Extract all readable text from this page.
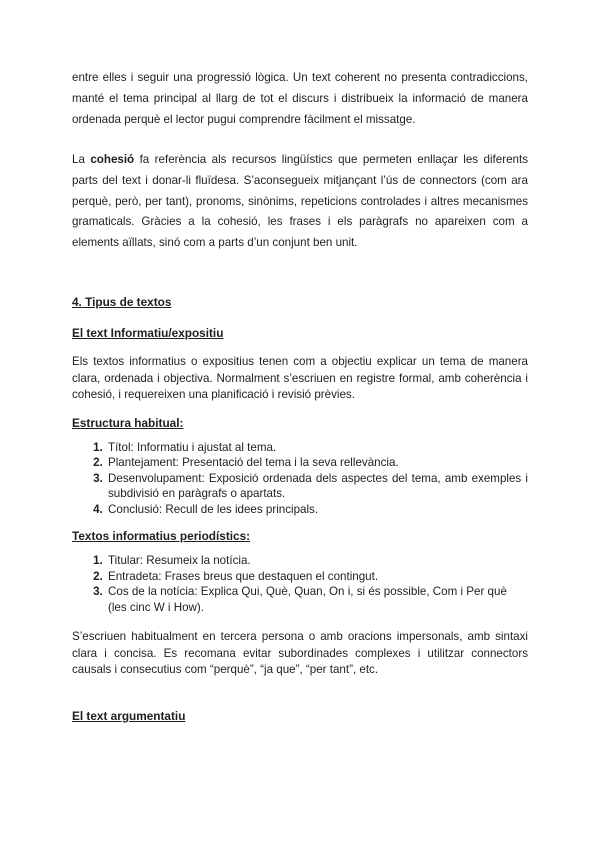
entre elles i seguir una progressió lògica. Un text coherent no presenta contradiccions, manté el tema principal al llarg de tot el discurs i distribueix la informació de manera ordenada perquè el lector pugui comprendre fàcilment el missatge.

La cohesió fa referència als recursos lingüístics que permeten enllaçar les diferents parts del text i donar-li fluïdesa. S’aconsegueix mitjançant l’ús de connectors (com ara perquè, però, per tant), pronoms, sinònims, repeticions controlades i altres mecanismes gramaticals. Gràcies a la cohesió, les frases i els paràgrafs no apareixen com a elements aïllats, sinó com a parts d’un conjunt ben unit.

4. Tipus de textos
El text Informatiu/expositiu

Els textos informatius o expositius tenen com a objectiu explicar un tema de manera clara, ordenada i objectiva. Normalment s’escriuen en registre formal, amb coherència i cohesió, i requereixen una planificació i revisió prèvies.

Estructura habitual:
1. Títol: Informatiu i ajustat al tema.
2. Plantejament: Presentació del tema i la seva rellevància.
3. Desenvolupament: Exposició ordenada dels aspectes del tema, amb exemples i subdivisió en paràgrafs o apartats.
4. Conclusió: Recull de les idees principals.
Textos informatius periodístics:
1. Titular: Resumeix la notícia.
2. Entradeta: Frases breus que destaquen el contingut.
3. Cos de la notícia: Explica Qui, Què, Quan, On i, si és possible, Com i Per què (les cinc W i How).

S’escriuen habitualment en tercera persona o amb oracions impersonals, amb sintaxi clara i concisa. Es recomana evitar subordinades complexes i utilitzar connectors causals i consecutius com “perquè”, “ja que”, “per tant”, etc.

El text argumentatiu
